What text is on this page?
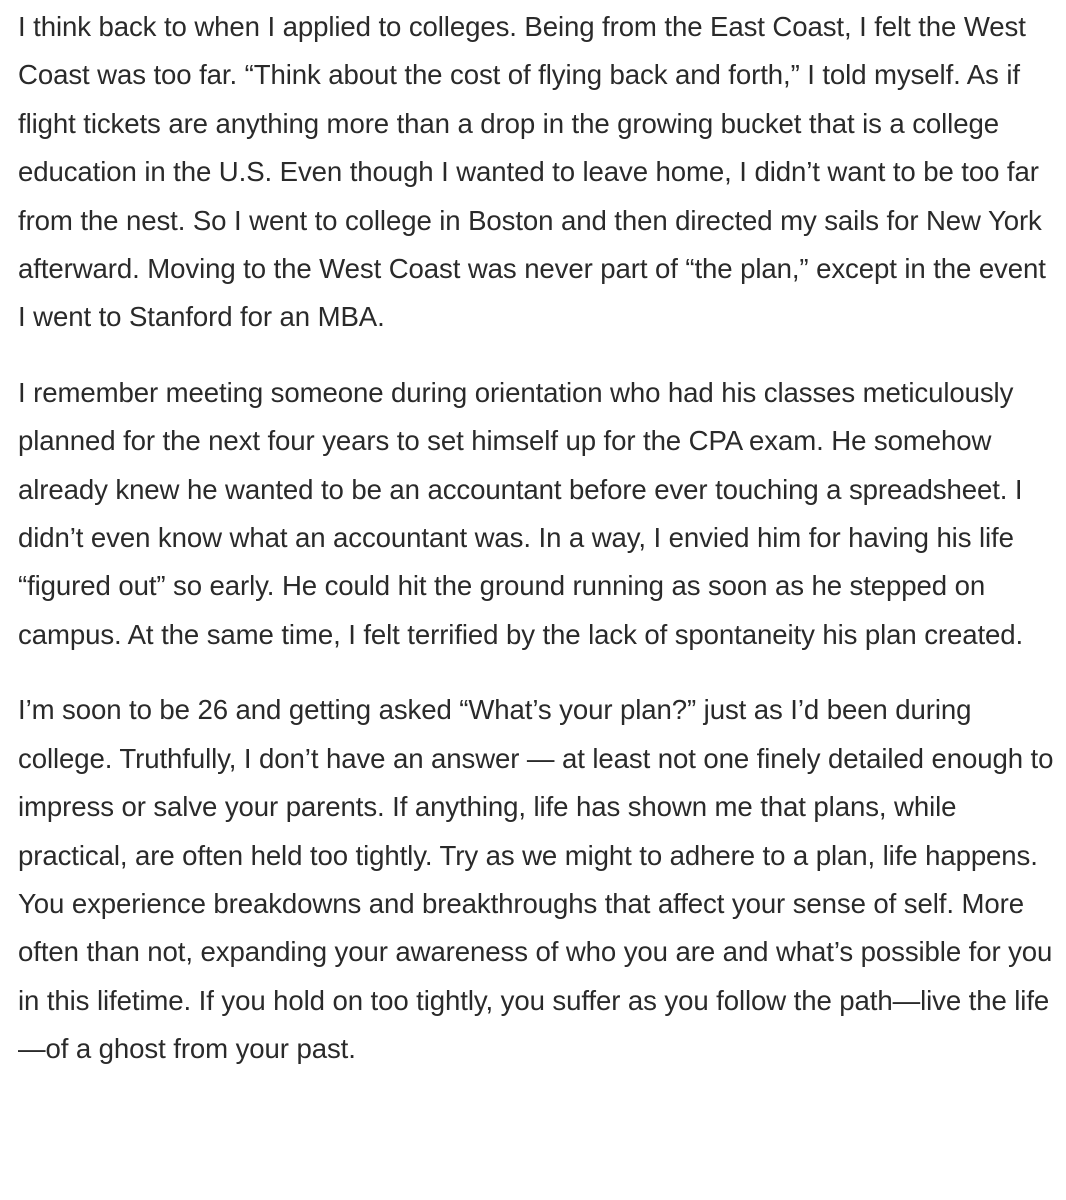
I think back to when I applied to colleges. Being from the East Coast, I felt the West Coast was too far. “Think about the cost of flying back and forth,” I told myself. As if flight tickets are anything more than a drop in the growing bucket that is a college education in the U.S. Even though I wanted to leave home, I didn’t want to be too far from the nest. So I went to college in Boston and then directed my sails for New York afterward. Moving to the West Coast was never part of “the plan,” except in the event I went to Stanford for an MBA.

I remember meeting someone during orientation who had his classes meticulously planned for the next four years to set himself up for the CPA exam. He somehow already knew he wanted to be an accountant before ever touching a spreadsheet. I didn’t even know what an accountant was. In a way, I envied him for having his life “figured out” so early. He could hit the ground running as soon as he stepped on campus. At the same time, I felt terrified by the lack of spontaneity his plan created.

I’m soon to be 26 and getting asked “What’s your plan?” just as I’d been during college. Truthfully, I don’t have an answer — at least not one finely detailed enough to impress or salve your parents. If anything, life has shown me that plans, while practical, are often held too tightly. Try as we might to adhere to a plan, life happens. You experience breakdowns and breakthroughs that affect your sense of self. More often than not, expanding your awareness of who you are and what’s possible for you in this lifetime. If you hold on too tightly, you suffer as you follow the path—live the life—of a ghost from your past.
